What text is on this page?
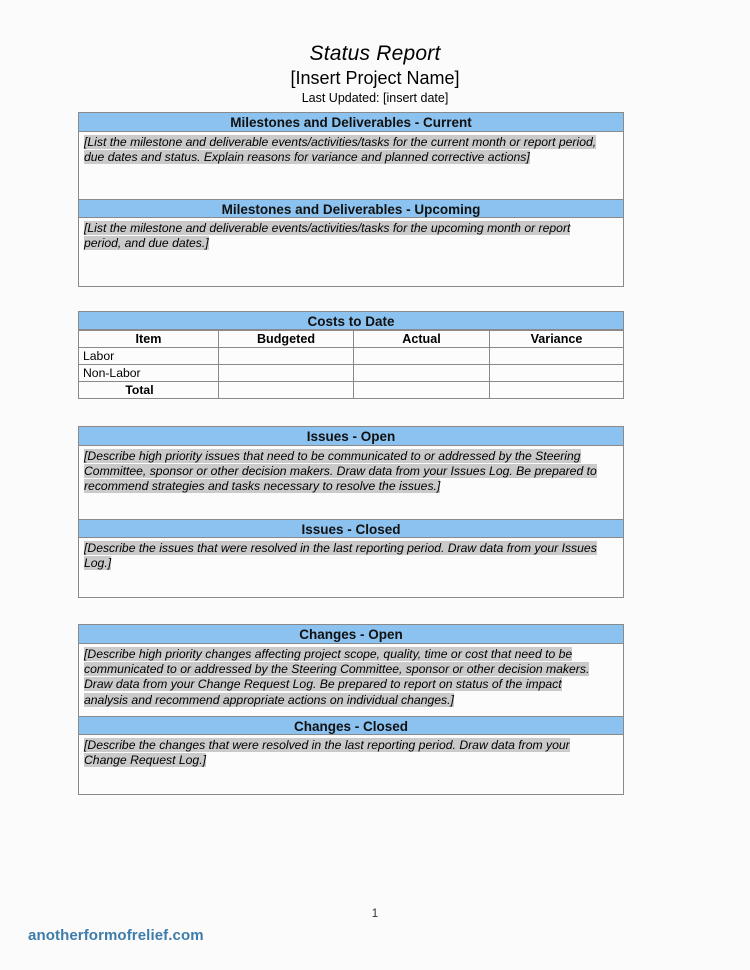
Status Report
[Insert Project Name]
Last Updated: [insert date]
Milestones and Deliverables - Current

[List the milestone and deliverable events/activities/tasks for the current month or report period,

due dates and status. Explain reasons for variance and planned corrective actions]

Milestones and Deliverables - Upcoming

[List the milestone and deliverable events/activities/tasks for the upcoming month or report

period, and due dates.]

Costs to Date
Item	Budgeted	Actual	Variance
Labor			
Non-Labor			
Total			
Issues - Open

[Describe high priority issues that need to be communicated to or addressed by the Steering

Committee, sponsor or other decision makers. Draw data from your Issues Log. Be prepared to

recommend strategies and tasks necessary to resolve the issues.]

Issues - Closed

[Describe the issues that were resolved in the last reporting period. Draw data from your Issues

Log.]

Changes - Open

[Describe high priority changes affecting project scope, quality, time or cost that need to be

communicated to or addressed by the Steering Committee, sponsor or other decision makers.

Draw data from your Change Request Log. Be prepared to report on status of the impact

analysis and recommend appropriate actions on individual changes.]

Changes - Closed

[Describe the changes that were resolved in the last reporting period. Draw data from your

Change Request Log.]

1
anotherformofrelief.com
